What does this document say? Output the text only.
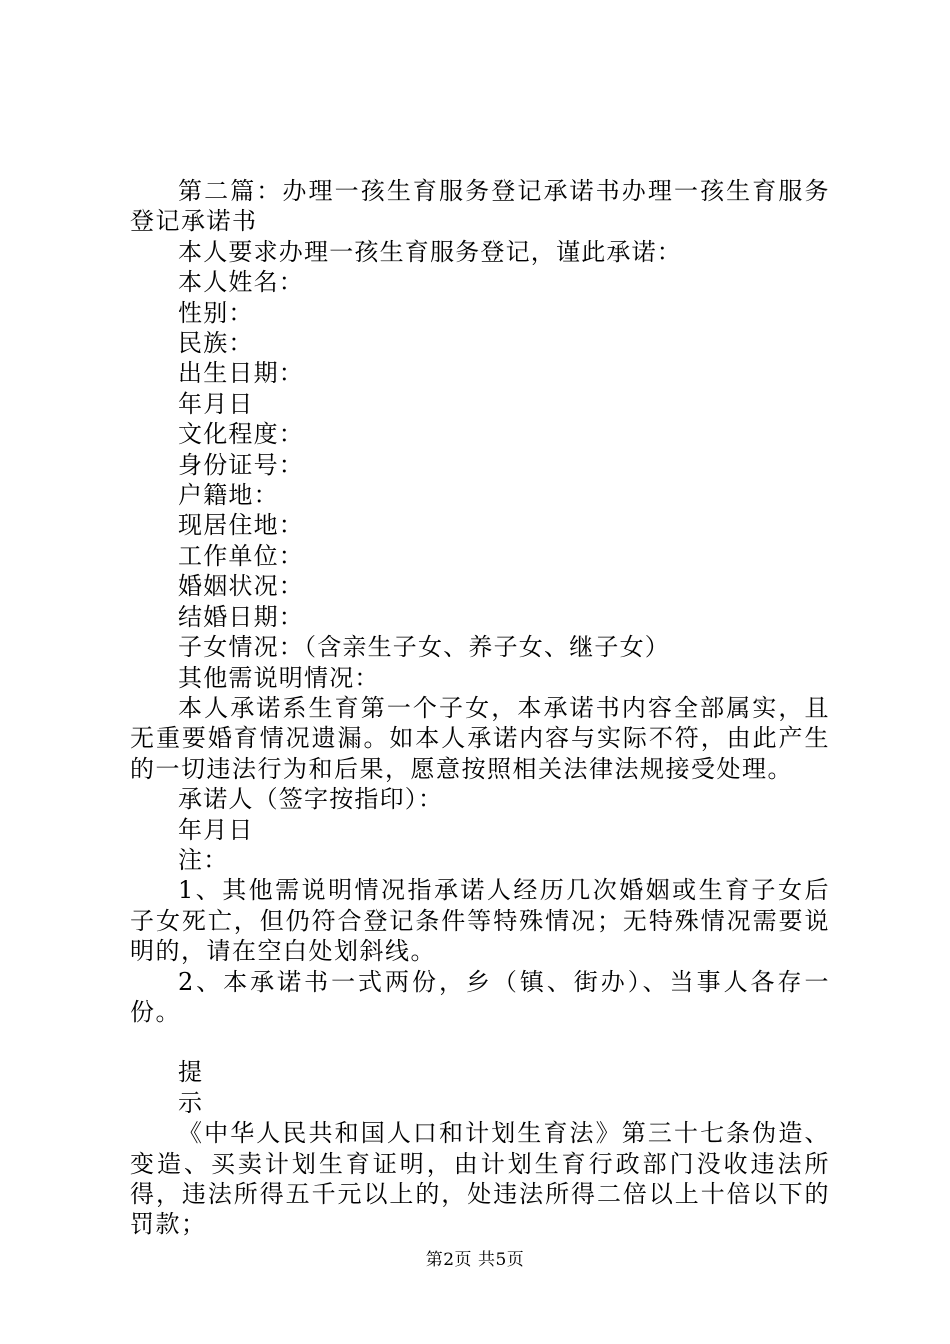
第二篇：办理一孩生育服务登记承诺书办理一孩生育服务登记承诺书
本人要求办理一孩生育服务登记，谨此承诺：
本人姓名：
性别：
民族：
出生日期：
年月日
文化程度：
身份证号：
户籍地：
现居住地：
工作单位：
婚姻状况：
结婚日期：
子女情况：（含亲生子女、养子女、继子女）
其他需说明情况：
本人承诺系生育第一个子女，本承诺书内容全部属实，且无重要婚育情况遗漏。如本人承诺内容与实际不符，由此产生的一切违法行为和后果，愿意按照相关法律法规接受处理。
承诺人（签字按指印）：
年月日
注：
1、其他需说明情况指承诺人经历几次婚姻或生育子女后子女死亡，但仍符合登记条件等特殊情况；无特殊情况需要说明的，请在空白处划斜线。
2、本承诺书一式两份，乡（镇、街办）、当事人各存一份。
提
示
《中华人民共和国人口和计划生育法》第三十七条伪造、变造、买卖计划生育证明，由计划生育行政部门没收违法所得，违法所得五千元以上的，处违法所得二倍以上十倍以下的罚款；
第2页 共5页
